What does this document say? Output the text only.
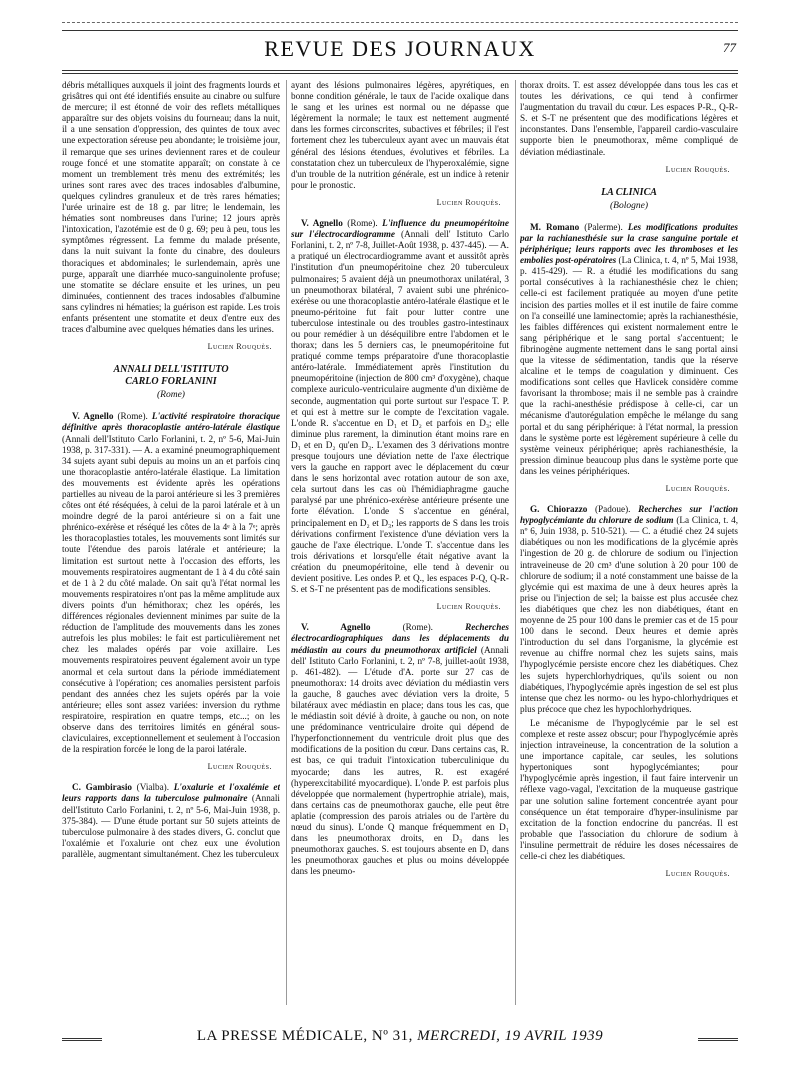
REVUE DES JOURNAUX	77

débris métalliques auxquels il joint des fragments lourds et grisâtres qui ont été identifiés ensuite au cinabre ou sulfure de mercure; il est étonné de voir des reflets métalliques apparaître sur des objets voisins du fourneau; dans la nuit, il a une sensation d'oppression, des quintes de toux avec une expectoration séreuse peu abondante; le troisième jour, il remarque que ses urines deviennent rares et de couleur rouge foncé et une stomatite apparaît; on constate à ce moment un tremblement très menu des extrémités; les urines sont rares avec des traces indosables d'albumine, quelques cylindres granuleux et de très rares hématies; l'urée urinaire est de 18 g. par litre; le lendemain, les hématies sont nombreuses dans l'urine; 12 jours après l'intoxication, l'azotémie est de 0 g. 69; peu à peu, tous les symptômes régressent. La femme du malade présente, dans la nuit suivant la fonte du cinabre, des douleurs thoraciques et abdominales; le surlendemain, après une purge, apparaît une diarrhée muco-sanguinolente profuse; une stomatite se déclare ensuite et les urines, un peu diminuées, contiennent des traces indosables d'albumine sans cylindres ni hématies; la guérison est rapide. Les trois enfants présentent une stomatite et deux d'entre eux des traces d'albumine avec quelques hématies dans les urines.

Lucien Rouquès.
ANNALI DELL'ISTITUTO
CARLO FORLANINI
(Rome)

V. Agnello (Rome). L'activité respiratoire thoracique définitive après thoracoplastie antéro-latérale élastique (Annali dell'Istituto Carlo Forlanini, t. 2, nº 5-6, Mai-Juin 1938, p. 317-331). — A. a examiné pneumographiquement 34 sujets ayant subi depuis au moins un an et parfois cinq une thoracoplastie antéro-latérale élastique. La limitation des mouvements est évidente après les opérations partielles au niveau de la paroi antérieure si les 3 premières côtes ont été réséquées, à celui de la paroi latérale et à un moindre degré de la paroi antérieure si on a fait une phrénico-exérèse et réséqué les côtes de la 4ᵉ à la 7ᵉ; après les thoracoplasties totales, les mouvements sont limités sur toute l'étendue des parois latérale et antérieure; la limitation est surtout nette à l'occasion des efforts, les mouvements respiratoires augmentant de 1 à 4 du côté sain et de 1 à 2 du côté malade. On sait qu'à l'état normal les mouvements respiratoires n'ont pas la même amplitude aux divers points d'un hémithorax; chez les opérés, les différences régionales deviennent minimes par suite de la réduction de l'amplitude des mouvements dans les zones autrefois les plus mobiles: le fait est particulièrement net chez les malades opérés par voie axillaire. Les mouvements respiratoires peuvent également avoir un type anormal et cela surtout dans la période immédiatement consécutive à l'opération; ces anomalies persistent parfois pendant des années chez les sujets opérés par la voie antérieure; elles sont assez variées: inversion du rythme respiratoire, respiration en quatre temps, etc...; on les observe dans des territoires limités en général sous-claviculaires, exceptionnellement et seulement à l'occasion de la respiration forcée le long de la paroi latérale.

Lucien Rouquès.

C. Gambirasio (Vialba). L'oxalurie et l'oxalémie et leurs rapports dans la tuberculose pulmonaire (Annali dell'Istituto Carlo Forlanini, t. 2, nº 5-6, Mai-Juin 1938, p. 375-384). — D'une étude portant sur 50 sujets atteints de tuberculose pulmonaire à des stades divers, G. conclut que l'oxalémie et l'oxalurie ont chez eux une évolution parallèle, augmentant simultanément. Chez les tuberculeux

ayant des lésions pulmonaires légères, apyrétiques, en bonne condition générale, le taux de l'acide oxalique dans le sang et les urines est normal ou ne dépasse que légèrement la normale; le taux est nettement augmenté dans les formes circonscrites, subactives et fébriles; il l'est fortement chez les tuberculeux ayant avec un mauvais état général des lésions étendues, évolutives et fébriles. La constatation chez un tuberculeux de l'hyperoxalémie, signe d'un trouble de la nutrition générale, est un indice à retenir pour le pronostic.

Lucien Rouquès.

V. Agnello (Rome). L'influence du pneumopéritoine sur l'électrocardiogramme (Annali dell' Istituto Carlo Forlanini, t. 2, nº 7-8, Juillet-Août 1938, p. 437-445). — A. a pratiqué un électrocardiogramme avant et aussitôt après l'institution d'un pneumopéritoine chez 20 tuberculeux pulmonaires; 5 avaient déjà un pneumothorax unilatéral, 3 un pneumothorax bilatéral, 7 avaient subi une phrénico-exérèse ou une thoracoplastie antéro-latérale élastique et le pneumo-péritoine fut fait pour lutter contre une tuberculose intestinale ou des troubles gastro-intestinaux ou pour remédier à un déséquilibre entre l'abdomen et le thorax; dans les 5 derniers cas, le pneumopéritoine fut pratiqué comme temps préparatoire d'une thoracoplastie antéro-latérale. Immédiatement après l'institution du pneumopéritoine (injection de 800 cm³ d'oxygène), chaque complexe auriculo-ventriculaire augmente d'un dixième de seconde, augmentation qui porte surtout sur l'espace T. P. et qui est à mettre sur le compte de l'excitation vagale. L'onde R. s'accentue en D₁ et D₂ et parfois en D₃; elle diminue plus rarement, la diminution étant moins rare en D₁ et en D₂ qu'en D₃. L'examen des 3 dérivations montre presque toujours une déviation nette de l'axe électrique vers la gauche en rapport avec le déplacement du cœur dans le sens horizontal avec rotation autour de son axe, cela surtout dans les cas où l'hémidiaphragme gauche paralysé par une phrénico-exérèse antérieure présente une forte élévation. L'onde S s'accentue en général, principalement en D₂ et D₃; les rapports de S dans les trois dérivations confirment l'existence d'une déviation vers la gauche de l'axe électrique. L'onde T. s'accentue dans les trois dérivations et lorsqu'elle était négative avant la création du pneumopéritoine, elle tend à devenir ou devient positive. Les ondes P. et Q., les espaces P-Q, Q-R-S. et S-T ne présentent pas de modifications sensibles.

Lucien Rouquès.

V. Agnello (Rome). Recherches électrocardiographiques dans les déplacements du médiastin au cours du pneumothorax artificiel (Annali dell' Istituto Carlo Forlanini, t. 2, nº 7-8, juillet-août 1938, p. 461-482). — L'étude d'A. porte sur 27 cas de pneumothorax: 14 droits avec déviation du médiastin vers la gauche, 8 gauches avec déviation vers la droite, 5 bilatéraux avec médiastin en place; dans tous les cas, que le médiastin soit dévié à droite, à gauche ou non, on note une prédominance ventriculaire droite qui dépend de l'hyperfonctionnement du ventricule droit plus que des modifications de la position du cœur. Dans certains cas, R. est bas, ce qui traduit l'intoxication tuberculinique du myocarde; dans les autres, R. est exagéré (hyperexcitabilité myocardique). L'onde P. est parfois plus développée que normalement (hypertrophie atriale), mais, dans certains cas de pneumothorax gauche, elle peut être aplatie (compression des parois atriales ou de l'artère du nœud du sinus). L'onde Q manque fréquemment en D₁ dans les pneumothorax droits, en D₃ dans les pneumothorax gauches. S. est toujours absente en D₁ dans les pneumothorax gauches et plus ou moins développée dans les pneumo-

thorax droits. T. est assez développée dans tous les cas et toutes les dérivations, ce qui tend à confirmer l'augmentation du travail du cœur. Les espaces P-R., Q-R-S. et S-T ne présentent que des modifications légères et inconstantes. Dans l'ensemble, l'appareil cardio-vasculaire supporte bien le pneumothorax, même compliqué de déviation médiastinale.

Lucien Rouquès.
LA CLINICA
(Bologne)

M. Romano (Palerme). Les modifications produites par la rachianesthésie sur la crase sanguine portale et périphérique; leurs rapports avec les thromboses et les embolies post-opératoires (La Clinica, t. 4, nº 5, Mai 1938, p. 415-429). — R. a étudié les modifications du sang portal consécutives à la rachianesthésie chez le chien; celle-ci est facilement pratiquée au moyen d'une petite incision des parties molles et il est inutile de faire comme on l'a conseillé une laminectomie; après la rachianesthésie, les faibles différences qui existent normalement entre le sang périphérique et le sang portal s'accentuent; le fibrinogène augmente nettement dans le sang portal ainsi que la vitesse de sédimentation, tandis que la réserve alcaline et le temps de coagulation y diminuent. Ces modifications sont celles que Havlicek considère comme favorisant la thrombose; mais il ne semble pas à craindre que la rachi-anesthésie prédispose à celle-ci, car un mécanisme d'autorégulation empêche le mélange du sang portal et du sang périphérique: à l'état normal, la pression dans le système porte est légèrement supérieure à celle du système veineux périphérique; après rachianesthésie, la pression diminue beaucoup plus dans le système porte que dans les veines périphériques.

Lucien Rouquès.

G. Chiorazzo (Padoue). Recherches sur l'action hypoglycémiante du chlorure de sodium (La Clinica, t. 4, nº 6, Juin 1938, p. 510-521). — C. a étudié chez 24 sujets diabétiques ou non les modifications de la glycémie après l'ingestion de 20 g. de chlorure de sodium ou l'injection intraveineuse de 20 cm³ d'une solution à 20 pour 100 de chlorure de sodium; il a noté constamment une baisse de la glycémie qui est maxima de une à deux heures après la prise ou l'injection de sel; la baisse est plus accusée chez les diabétiques que chez les non diabétiques, étant en moyenne de 25 pour 100 dans le premier cas et de 15 pour 100 dans le second. Deux heures et demie après l'introduction du sel dans l'organisme, la glycémie est revenue au chiffre normal chez les sujets sains, mais l'hypoglycémie persiste encore chez les diabétiques. Chez les sujets hyperchlorhydriques, qu'ils soient ou non diabétiques, l'hypoglycémie après ingestion de sel est plus intense que chez les normo- ou les hypo-chlorhydriques et plus précoce que chez les hypochlorhydriques.

Le mécanisme de l'hypoglycémie par le sel est complexe et reste assez obscur; pour l'hypoglycémie après injection intraveineuse, la concentration de la solution a une importance capitale, car seules, les solutions hypertoniques sont hypoglycémiantes; pour l'hypoglycémie après ingestion, il faut faire intervenir un réflexe vago-vagal, l'excitation de la muqueuse gastrique par une solution saline fortement concentrée ayant pour conséquence un état temporaire d'hyper-insulinisme par excitation de la fonction endocrine du pancréas. Il est probable que l'association du chlorure de sodium à l'insuline permettrait de réduire les doses nécessaires de celle-ci chez les diabétiques.

Lucien Rouquès.
LA PRESSE MÉDICALE, Nº 31, MERCREDI, 19 AVRIL 1939
